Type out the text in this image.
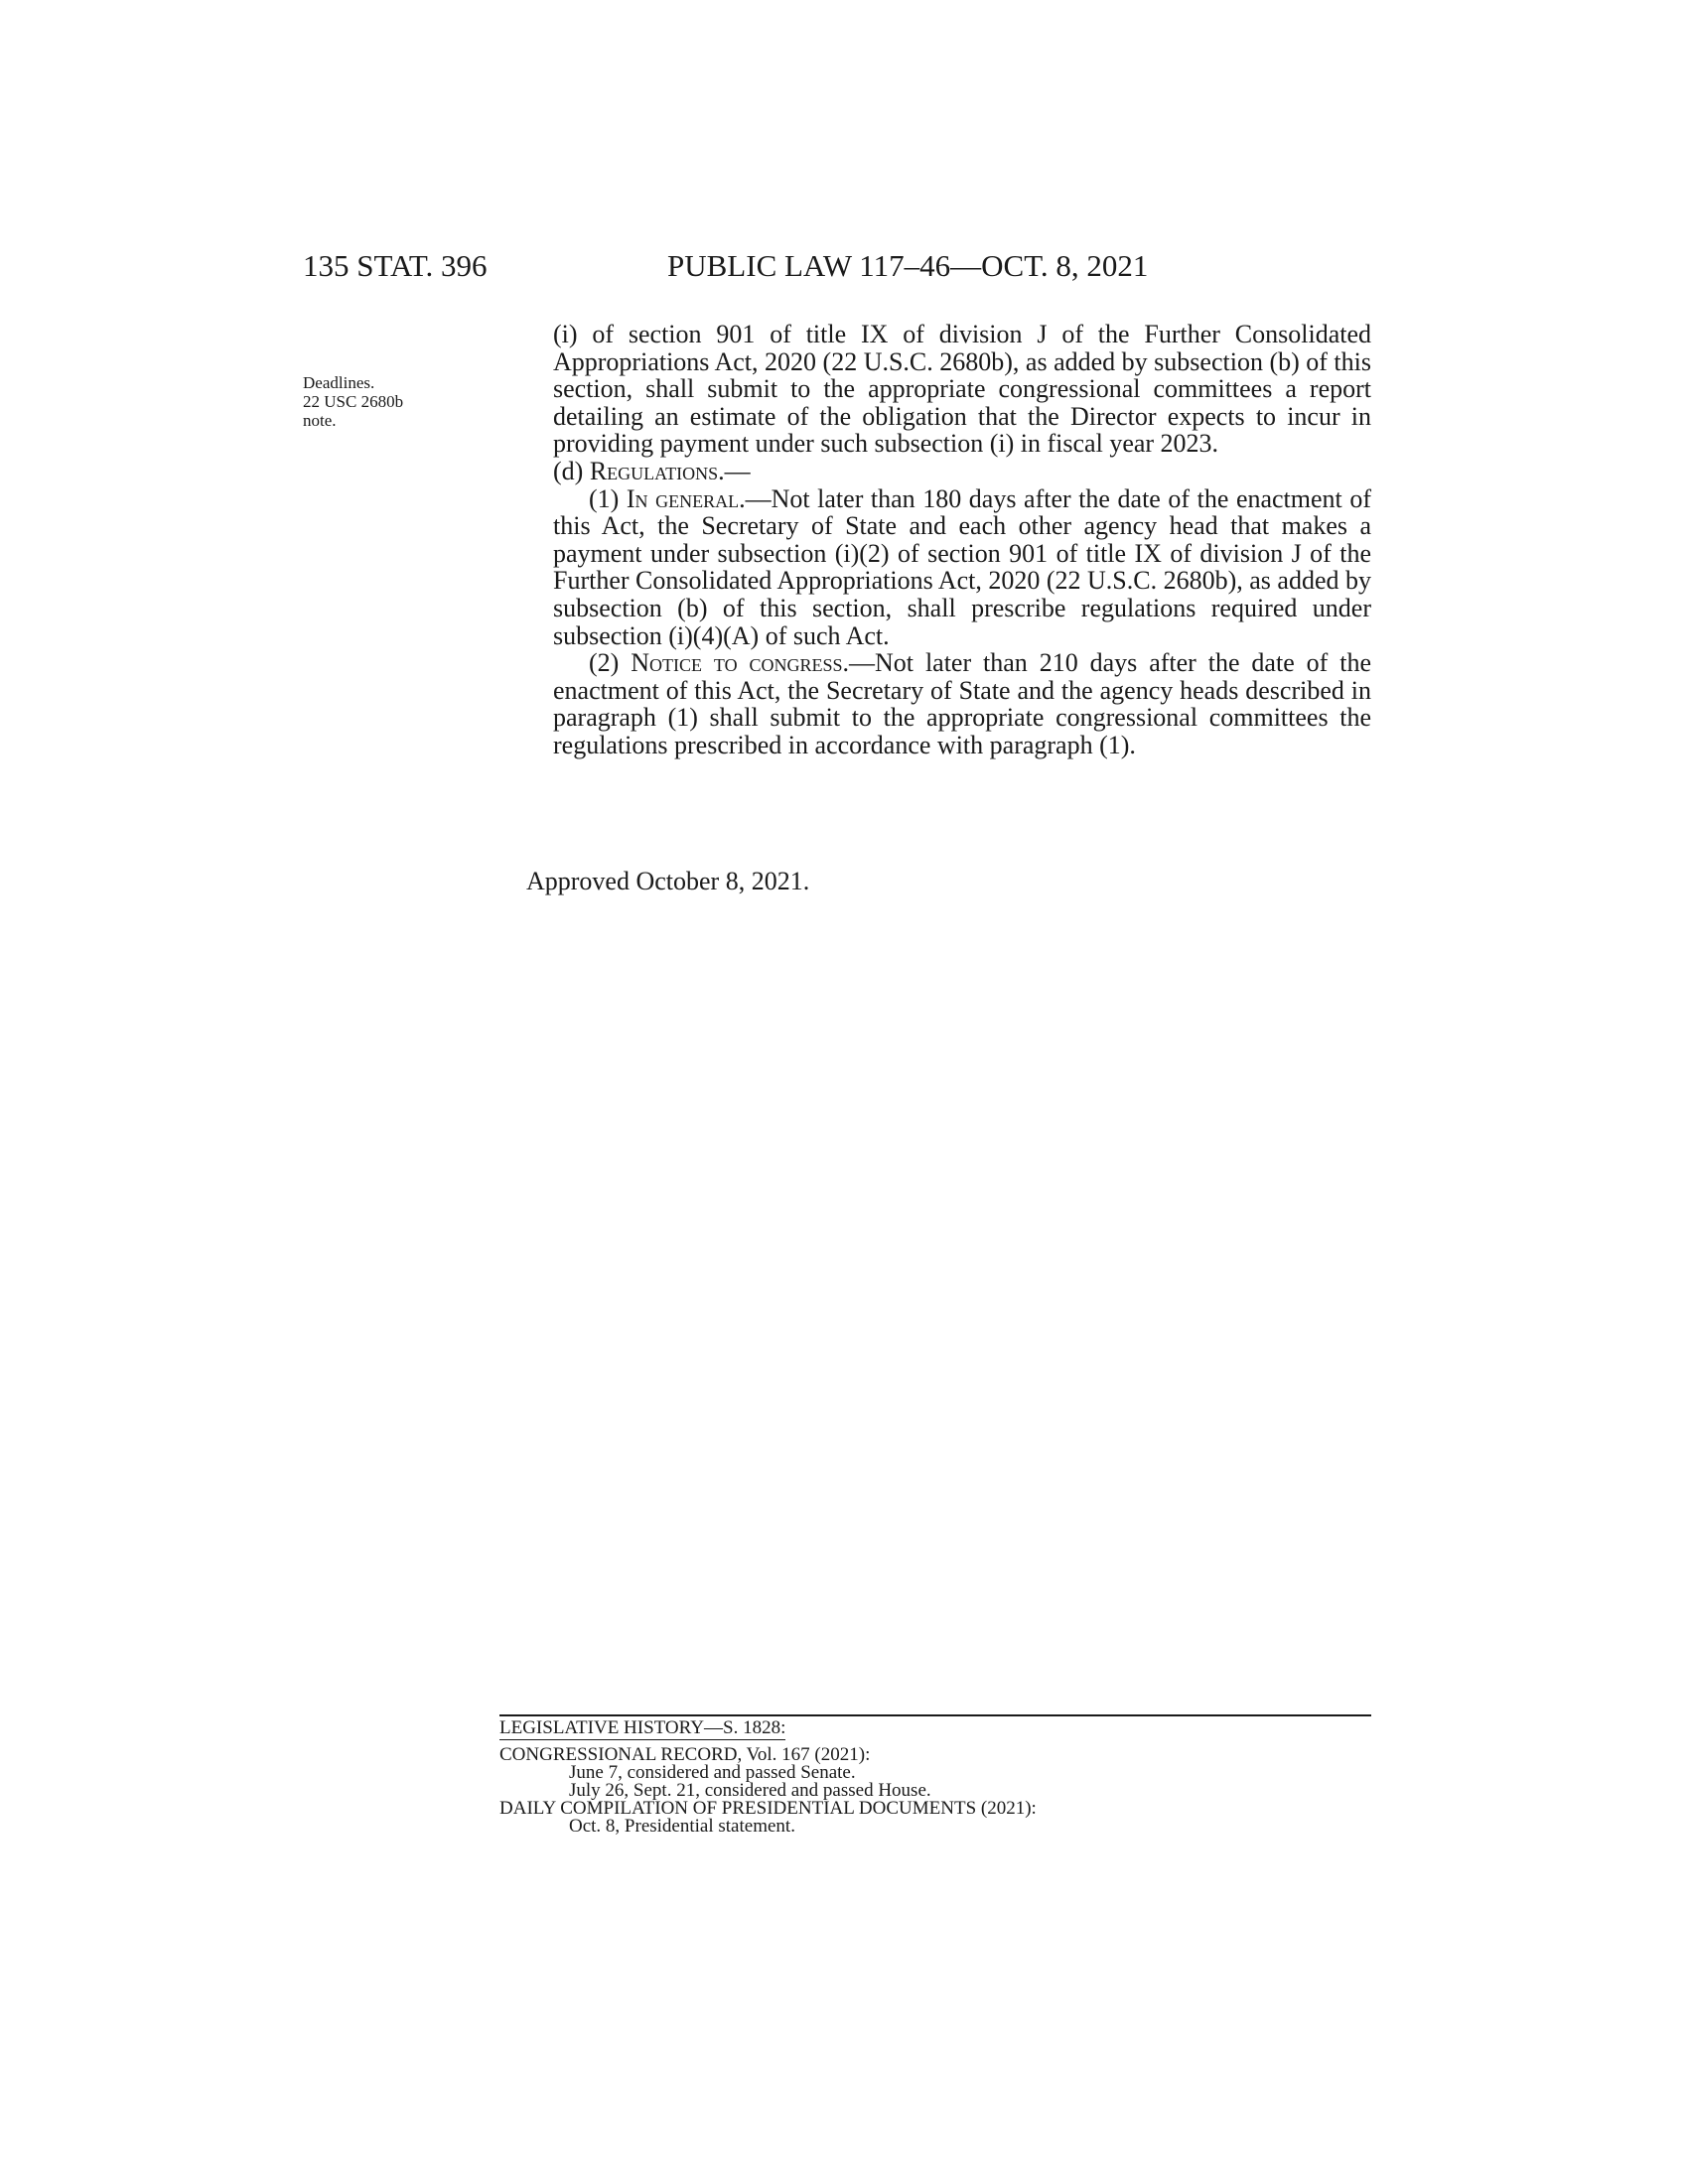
135 STAT. 396	PUBLIC LAW 117–46—OCT. 8, 2021
Deadlines.
22 USC 2680b
note.

(i) of section 901 of title IX of division J of the Further Consolidated Appropriations Act, 2020 (22 U.S.C. 2680b), as added by subsection (b) of this section, shall submit to the appropriate congressional committees a report detailing an estimate of the obligation that the Director expects to incur in providing payment under such subsection (i) in fiscal year 2023.

(d) Regulations.—

(1) In general.—Not later than 180 days after the date of the enactment of this Act, the Secretary of State and each other agency head that makes a payment under subsection (i)(2) of section 901 of title IX of division J of the Further Consolidated Appropriations Act, 2020 (22 U.S.C. 2680b), as added by subsection (b) of this section, shall prescribe regulations required under subsection (i)(4)(A) of such Act.

(2) Notice to congress.—Not later than 210 days after the date of the enactment of this Act, the Secretary of State and the agency heads described in paragraph (1) shall submit to the appropriate congressional committees the regulations prescribed in accordance with paragraph (1).

Approved October 8, 2021.
LEGISLATIVE HISTORY—S. 1828:
CONGRESSIONAL RECORD, Vol. 167 (2021):
June 7, considered and passed Senate.
July 26, Sept. 21, considered and passed House.
DAILY COMPILATION OF PRESIDENTIAL DOCUMENTS (2021):
Oct. 8, Presidential statement.
